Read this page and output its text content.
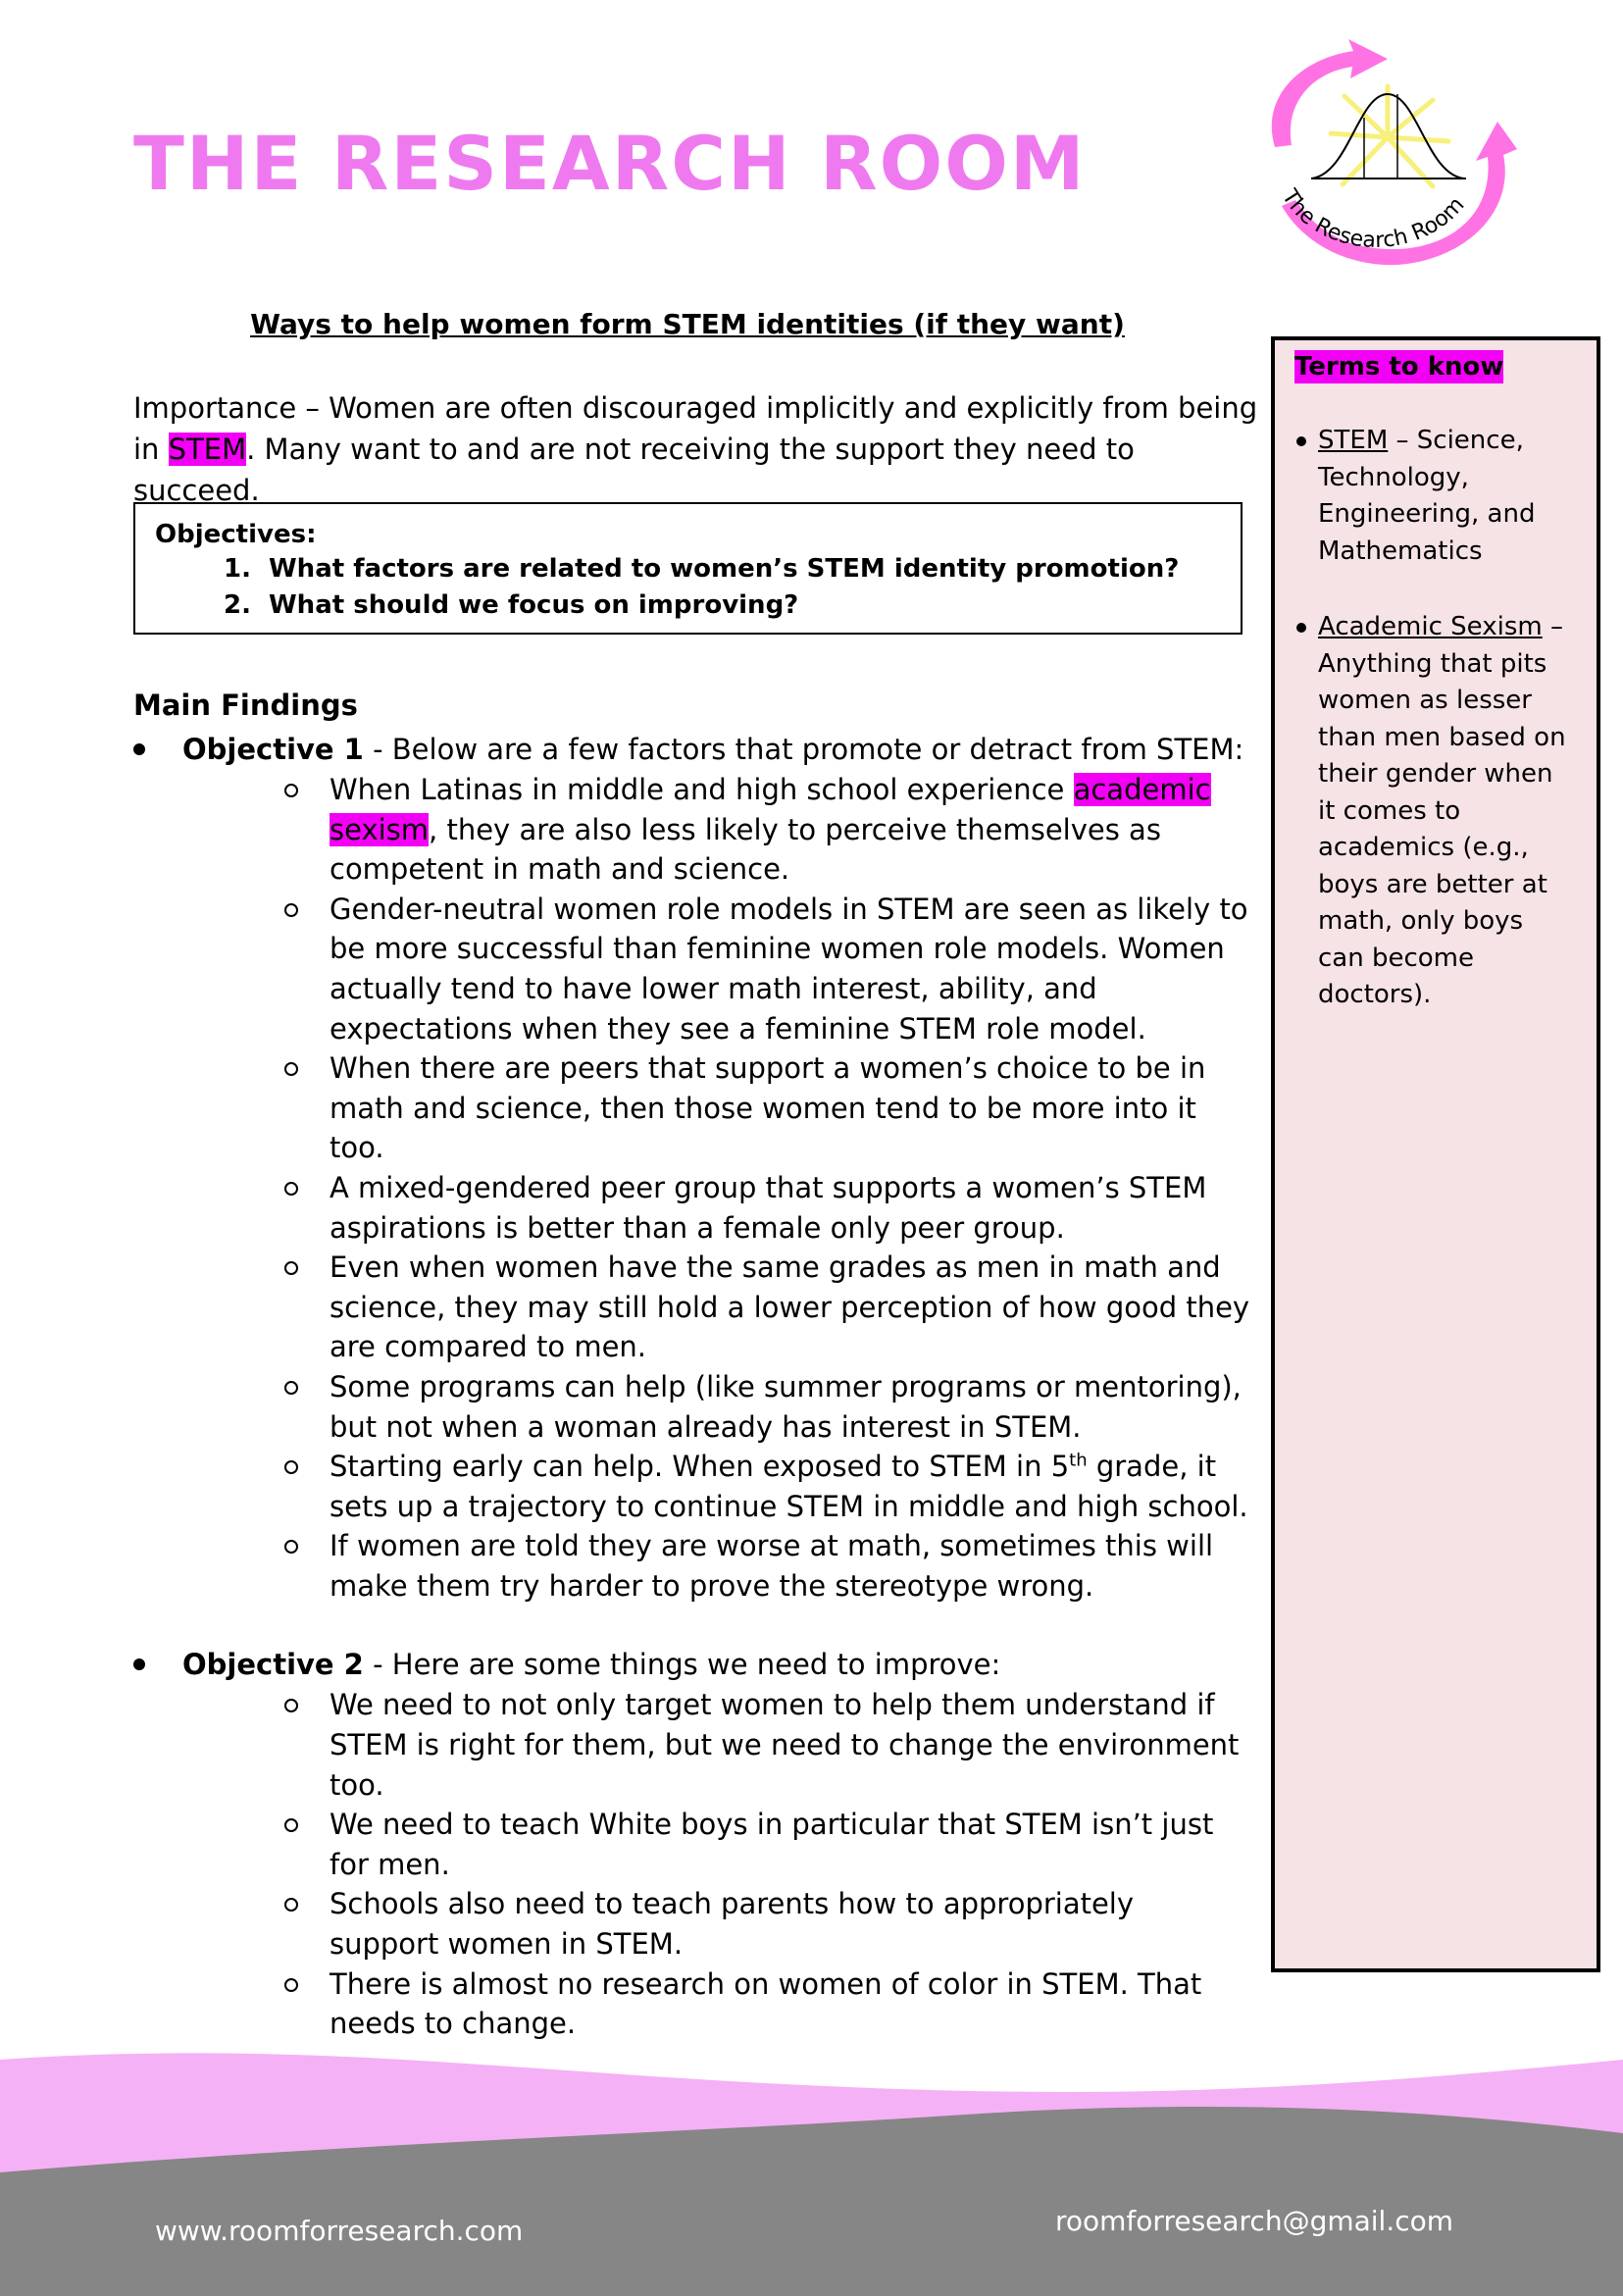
THE RESEARCH ROOM	The Research Room
Ways to help women form STEM identities (if they want)

Importance – Women are often discouraged implicitly and explicitly from being in STEM. Many want to and are not receiving the support they need to succeed.

Objectives:
1. What factors are related to women’s STEM identity promotion?
2. What should we focus on improving?
Main Findings

Objective 1 - Below are a few factors that promote or detract from STEM:

When Latinas in middle and high school experience academic sexism, they are also less likely to perceive themselves as competent in math and science.
Gender-neutral women role models in STEM are seen as likely to be more successful than feminine women role models. Women actually tend to have lower math interest, ability, and expectations when they see a feminine STEM role model.
When there are peers that support a women’s choice to be in math and science, then those women tend to be more into it too.
A mixed-gendered peer group that supports a women’s STEM aspirations is better than a female only peer group.
Even when women have the same grades as men in math and science, they may still hold a lower perception of how good they are compared to men.
Some programs can help (like summer programs or mentoring), but not when a woman already has interest in STEM.
Starting early can help. When exposed to STEM in 5th grade, it sets up a trajectory to continue STEM in middle and high school.
If women are told they are worse at math, sometimes this will make them try harder to prove the stereotype wrong.

Objective 2 - Here are some things we need to improve:

We need to not only target women to help them understand if STEM is right for them, but we need to change the environment too.
We need to teach White boys in particular that STEM isn’t just for men.
Schools also need to teach parents how to appropriately support women in STEM.
There is almost no research on women of color in STEM. That needs to change.
Terms to know
STEM – Science, Technology, Engineering, and Mathematics
Academic Sexism – Anything that pits women as lesser than men based on their gender when it comes to academics (e.g., boys are better at math, only boys can become doctors).
www.roomforresearch.com	roomforresearch@gmail.com
